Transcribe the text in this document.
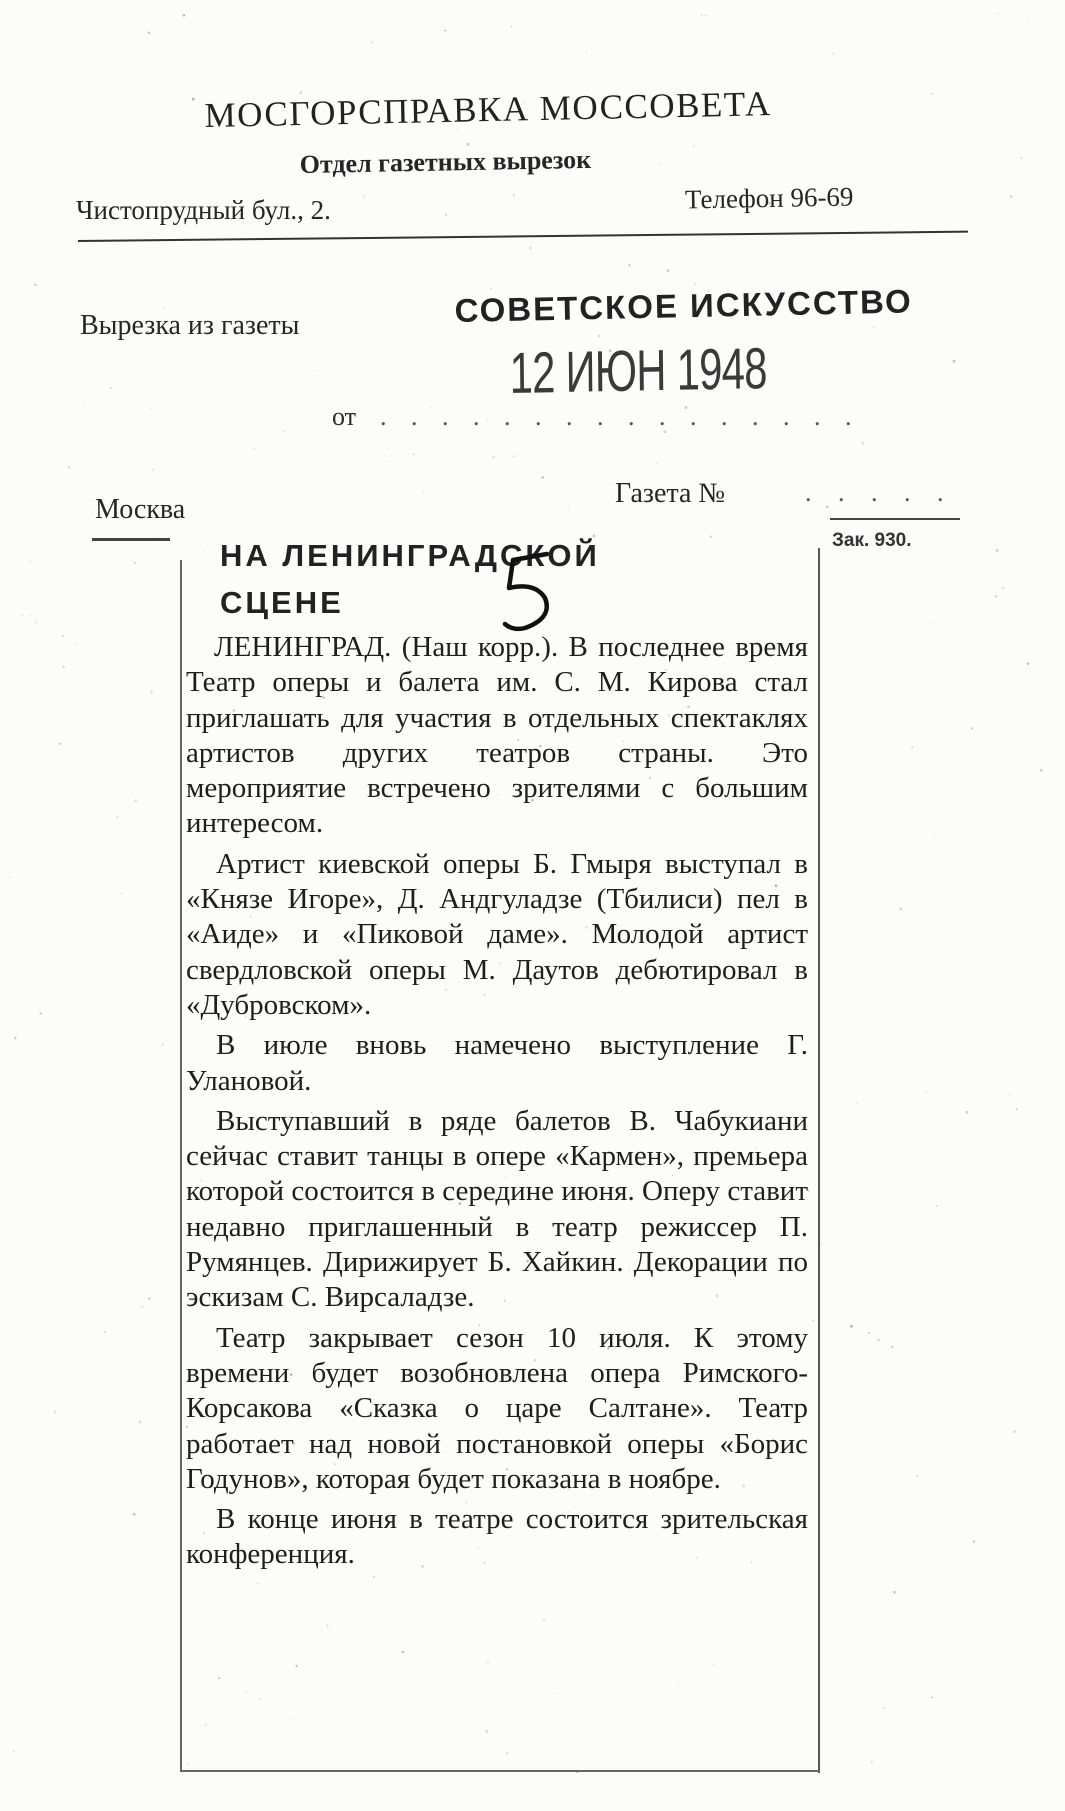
МОСГОРСПРАВКА МОССОВЕТА
Отдел газетных вырезок
Чистопрудный бул., 2.	Телефон 96-69
Вырезка из газеты	СОВЕТСКОЕ ИСКУССТВО
12 ИЮН 1948
от . . . . . . . . . . . . . . . .
Москва
Газета №	. . . . .
Зак. 930.
НА ЛЕНИНГРАДСКОЙ
СЦЕНЕ

ЛЕНИНГРАД. (Наш корр.). В последнее время Театр оперы и балета им. С. М. Кирова стал приглашать для участия в отдельных спектаклях артистов других театров страны. Это мероприятие встречено зрителями с большим интересом.

Артист киевской оперы Б. Гмыря выступал в «Князе Игоре», Д. Андгуладзе (Тбилиси) пел в «Аиде» и «Пиковой даме». Молодой артист свердловской оперы М. Даутов дебютировал в «Дубровском».

В июле вновь намечено выступление Г. Улановой.

Выступавший в ряде балетов В. Чабукиани сейчас ставит танцы в опере «Кармен», премьера которой состоится в середине июня. Оперу ставит недавно приглашенный в театр режиссер П. Румянцев. Дирижирует Б. Хайкин. Декорации по эскизам С. Вирсаладзе.

Театр закрывает сезон 10 июля. К этому времени будет возобновлена опера Римского-Корсакова «Сказка о царе Салтане». Театр работает над новой постановкой оперы «Борис Годунов», которая будет показана в ноябре.

В конце июня в театре состоится зрительская конференция.
